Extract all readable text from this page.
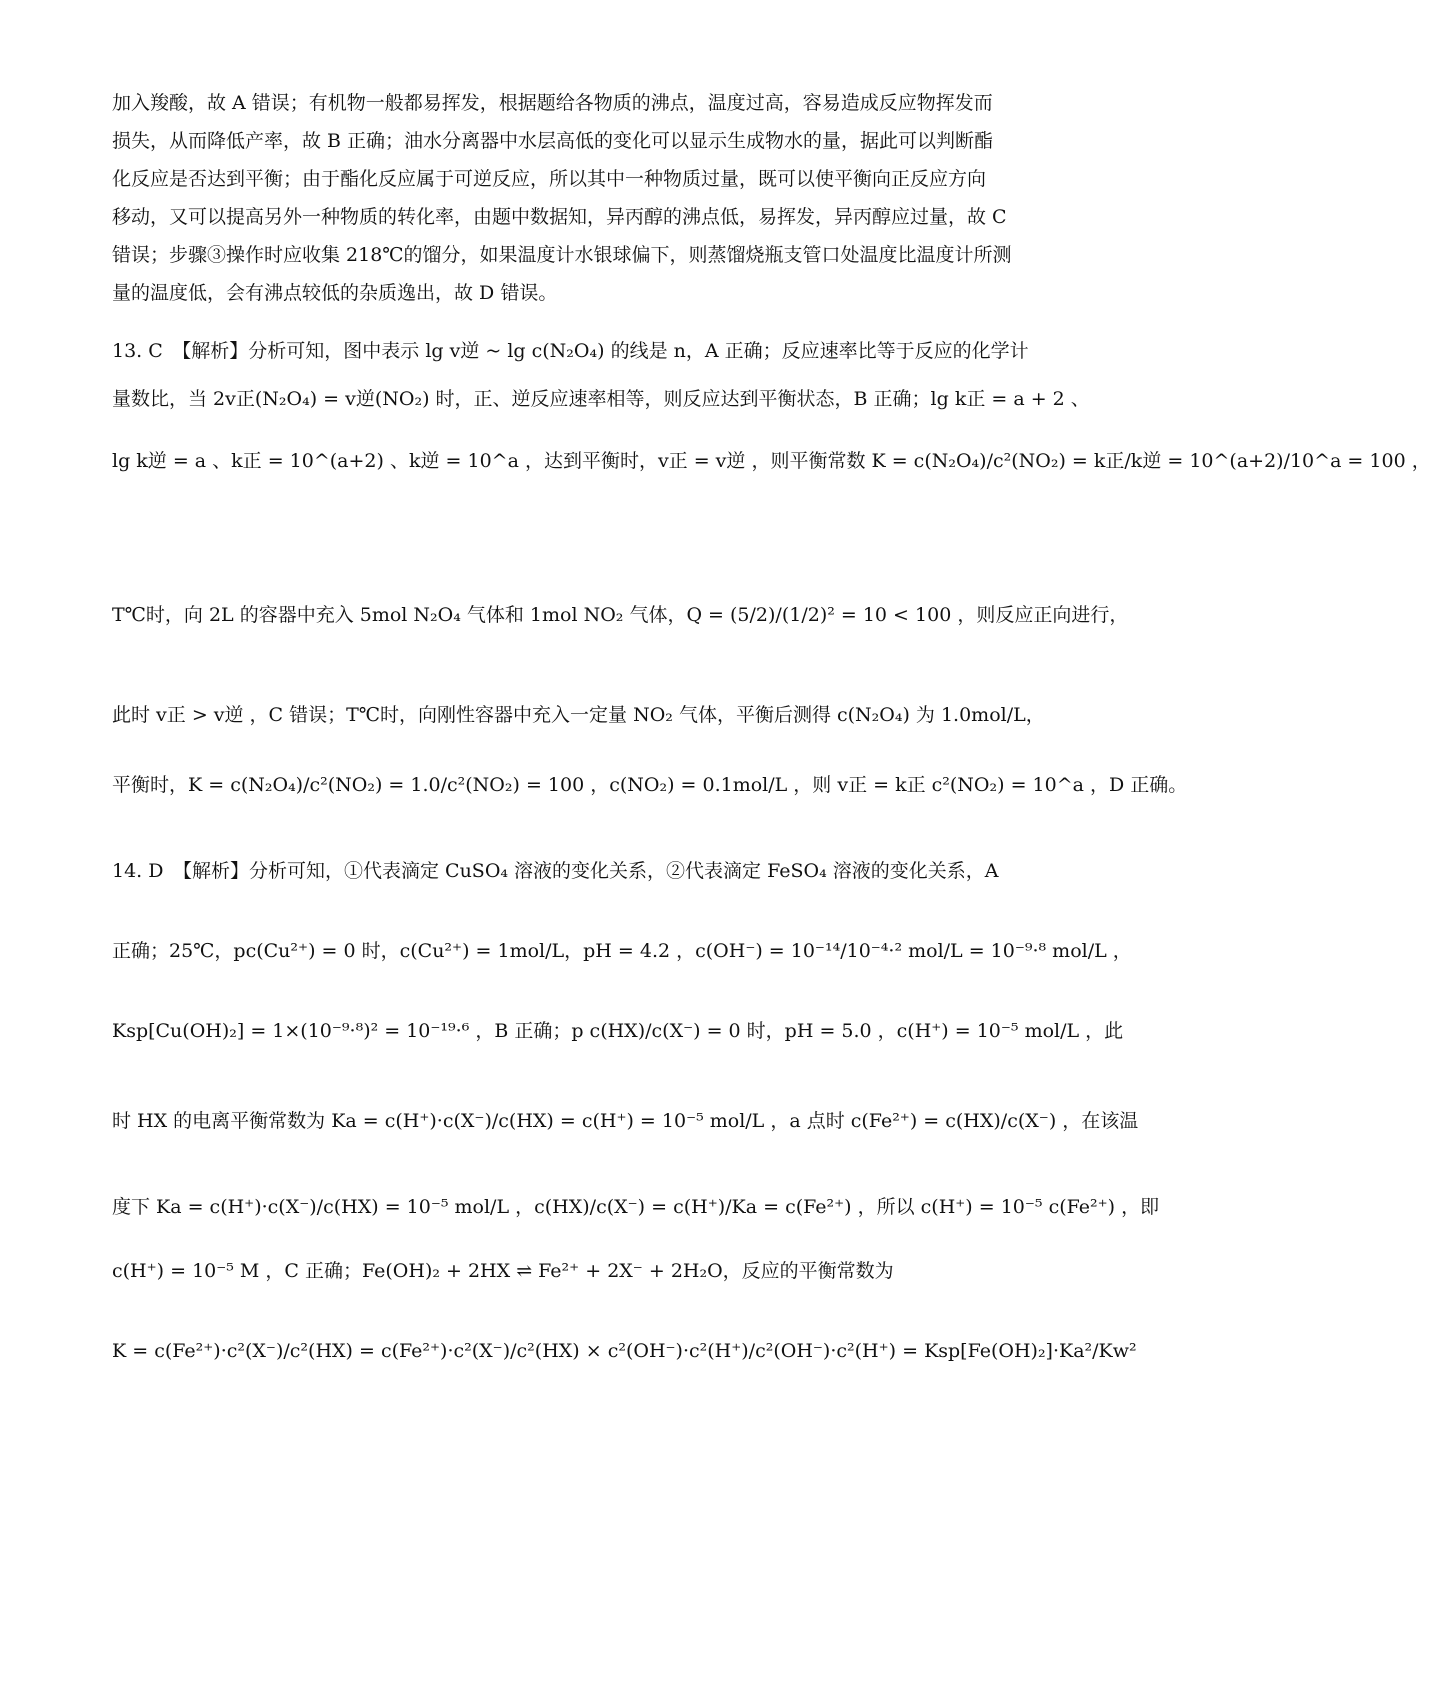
加入羧酸，故 A 错误；有机物一般都易挥发，根据题给各物质的沸点，温度过高，容易造成反应物挥发而
损失，从而降低产率，故 B 正确；油水分离器中水层高低的变化可以显示生成物水的量，据此可以判断酯
化反应是否达到平衡；由于酯化反应属于可逆反应，所以其中一种物质过量，既可以使平衡向正反应方向
移动，又可以提高另外一种物质的转化率，由题中数据知，异丙醇的沸点低，易挥发，异丙醇应过量，故 C
错误；步骤③操作时应收集 218℃的馏分，如果温度计水银球偏下，则蒸馏烧瓶支管口处温度比温度计所测
量的温度低，会有沸点较低的杂质逸出，故 D 错误。
13. C　【解析】分析可知，图中表示 lg v逆 ~ lg c(N₂O₄) 的线是 n，A 正确；反应速率比等于反应的化学计
量数比，当 2v正(N₂O₄) = v逆(NO₂) 时，正、逆反应速率相等，则反应达到平衡状态，B 正确；lg k正 = a + 2 、
lg k逆 = a 、k正 = 10^(a+2) 、k逆 = 10^a ，达到平衡时，v正 = v逆 ，则平衡常数 K = c(N₂O₄)/c²(NO₂) = k正/k逆 = 10^(a+2)/10^a = 100 ，
T℃时，向 2L 的容器中充入 5mol N₂O₄ 气体和 1mol NO₂ 气体，Q = (5/2)/(1/2)² = 10 < 100 ，则反应正向进行，
此时 v正 > v逆 ，C 错误；T℃时，向刚性容器中充入一定量 NO₂ 气体，平衡后测得 c(N₂O₄) 为 1.0mol/L，
平衡时，K = c(N₂O₄)/c²(NO₂) = 1.0/c²(NO₂) = 100 ，c(NO₂) = 0.1mol/L ，则 v正 = k正 c²(NO₂) = 10^a ，D 正确。
14. D　【解析】分析可知，①代表滴定 CuSO₄ 溶液的变化关系，②代表滴定 FeSO₄ 溶液的变化关系，A
正确；25℃，pc(Cu²⁺) = 0 时，c(Cu²⁺) = 1mol/L，pH = 4.2 ，c(OH⁻) = 10⁻¹⁴/10⁻⁴·² mol/L = 10⁻⁹·⁸ mol/L ，
Ksp[Cu(OH)₂] = 1×(10⁻⁹·⁸)² = 10⁻¹⁹·⁶ ，B 正确；p c(HX)/c(X⁻) = 0 时，pH = 5.0 ，c(H⁺) = 10⁻⁵ mol/L ，此
时 HX 的电离平衡常数为 Ka = c(H⁺)·c(X⁻)/c(HX) = c(H⁺) = 10⁻⁵ mol/L ，a 点时 c(Fe²⁺) = c(HX)/c(X⁻) ，在该温
度下 Ka = c(H⁺)·c(X⁻)/c(HX) = 10⁻⁵ mol/L ，c(HX)/c(X⁻) = c(H⁺)/Ka = c(Fe²⁺) ，所以 c(H⁺) = 10⁻⁵ c(Fe²⁺) ，即
c(H⁺) = 10⁻⁵ M ，C 正确；Fe(OH)₂ + 2HX ⇌ Fe²⁺ + 2X⁻ + 2H₂O，反应的平衡常数为
K = c(Fe²⁺)·c²(X⁻)/c²(HX) = c(Fe²⁺)·c²(X⁻)/c²(HX) × c²(OH⁻)·c²(H⁺)/c²(OH⁻)·c²(H⁺) = Ksp[Fe(OH)₂]·Ka²/Kw²
